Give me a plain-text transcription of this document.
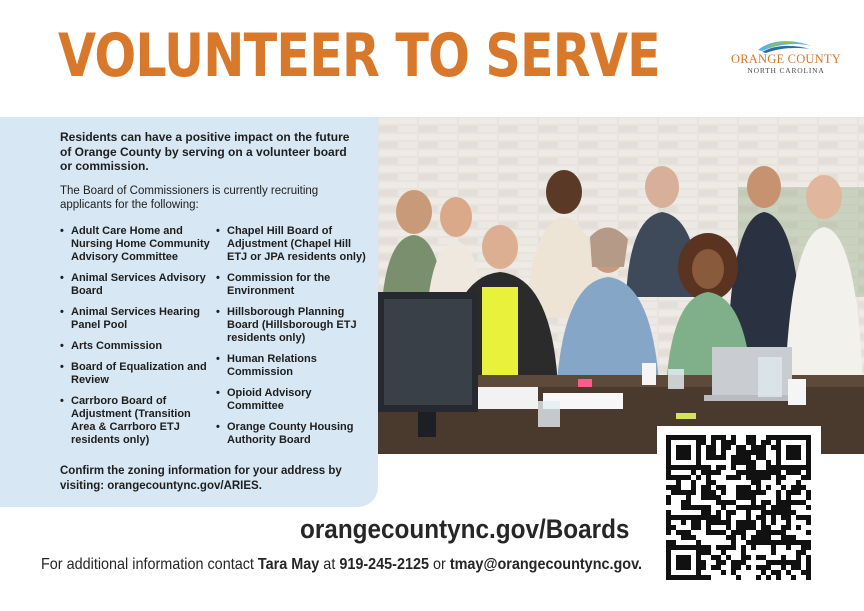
VOLUNTEER TO SERVE	ORANGE COUNTY
NORTH CAROLINA

Residents can have a positive impact on the future of Orange County by serving on a volunteer board or commission.

The Board of Commissioners is currently recruiting applicants for the following:

• Adult Care Home and Nursing Home Community Advisory Committee
• Animal Services Advisory Board
• Animal Services Hearing Panel Pool
• Arts Commission
• Board of Equalization and Review
• Carrboro Board of Adjustment (Transition Area & Carrboro ETJ residents only)
• Chapel Hill Board of Adjustment (Chapel Hill ETJ or JPA residents only)
• Commission for the Environment
• Hillsborough Planning Board (Hillsborough ETJ residents only)
• Human Relations Commission
• Opioid Advisory Committee
• Orange County Housing Authority Board

Confirm the zoning information for your address by visiting: orangecountync.gov/ARIES.

orangecountync.gov/Boards
For additional information contact Tara May at 919-245-2125 or tmay@orangecountync.gov.
